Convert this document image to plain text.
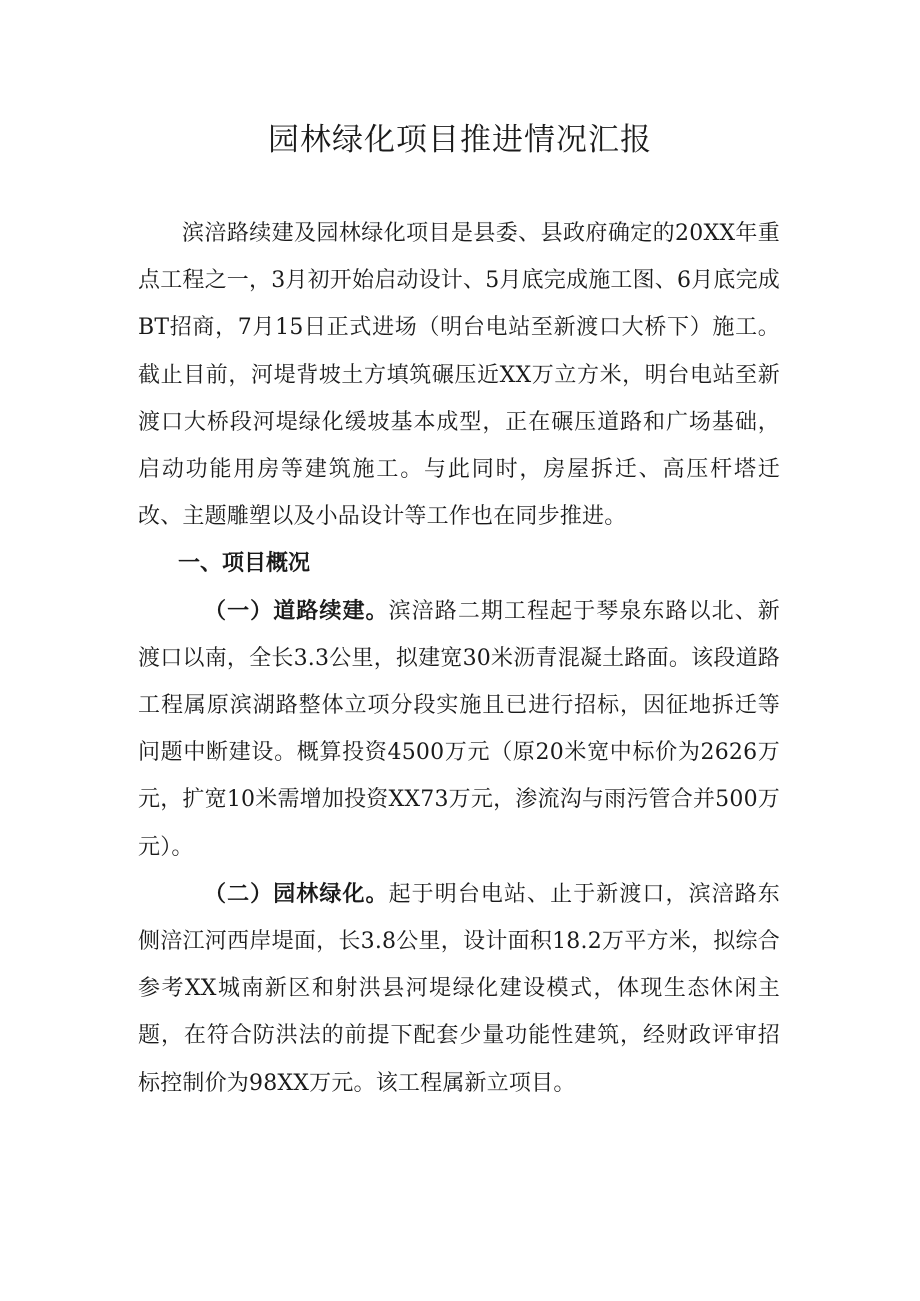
园林绿化项目推进情况汇报

滨涪路续建及园林绿化项目是县委、县政府确定的20XX年重点工程之一，3月初开始启动设计、5月底完成施工图、6月底完成BT招商，7月15日正式进场（明台电站至新渡口大桥下）施工。截止目前，河堤背坡土方填筑碾压近XX万立方米，明台电站至新渡口大桥段河堤绿化缓坡基本成型，正在碾压道路和广场基础，启动功能用房等建筑施工。与此同时，房屋拆迁、高压杆塔迁改、主题雕塑以及小品设计等工作也在同步推进。

一、项目概况

（一）道路续建。滨涪路二期工程起于琴泉东路以北、新渡口以南，全长3.3公里，拟建宽30米沥青混凝土路面。该段道路工程属原滨湖路整体立项分段实施且已进行招标，因征地拆迁等问题中断建设。概算投资4500万元（原20米宽中标价为2626万元，扩宽10米需增加投资XX73万元，渗流沟与雨污管合并500万元）。

（二）园林绿化。起于明台电站、止于新渡口，滨涪路东侧涪江河西岸堤面，长3.8公里，设计面积18.2万平方米，拟综合参考XX城南新区和射洪县河堤绿化建设模式，体现生态休闲主题，在符合防洪法的前提下配套少量功能性建筑，经财政评审招标控制价为98XX万元。该工程属新立项目。
